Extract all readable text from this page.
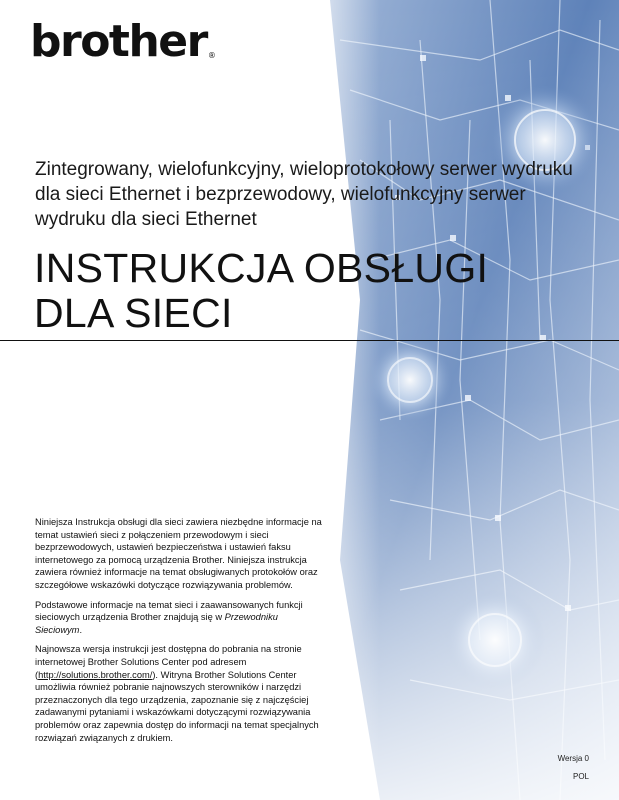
brother®
Zintegrowany, wielofunkcyjny, wieloprotokołowy serwer wydruku dla sieci Ethernet i bezprzewodowy, wielofunkcyjny serwer wydruku dla sieci Ethernet
INSTRUKCJA OBSŁUGI
DLA SIECI

Niniejsza Instrukcja obsługi dla sieci zawiera niezbędne informacje na temat ustawień sieci z połączeniem przewodowym i sieci bezprzewodowych, ustawień bezpieczeństwa i ustawień faksu internetowego za pomocą urządzenia Brother. Niniejsza instrukcja zawiera również informacje na temat obsługiwanych protokołów oraz szczegółowe wskazówki dotyczące rozwiązywania problemów.

Podstawowe informacje na temat sieci i zaawansowanych funkcji sieciowych urządzenia Brother znajdują się w Przewodniku Sieciowym.

Najnowsza wersja instrukcji jest dostępna do pobrania na stronie internetowej Brother Solutions Center pod adresem (http://solutions.brother.com/). Witryna Brother Solutions Center umożliwia również pobranie najnowszych sterowników i narzędzi przeznaczonych dla tego urządzenia, zapoznanie się z najczęściej zadawanymi pytaniami i wskazówkami dotyczącymi rozwiązywania problemów oraz zapewnia dostęp do informacji na temat specjalnych rozwiązań związanych z drukiem.

Wersja 0
POL
